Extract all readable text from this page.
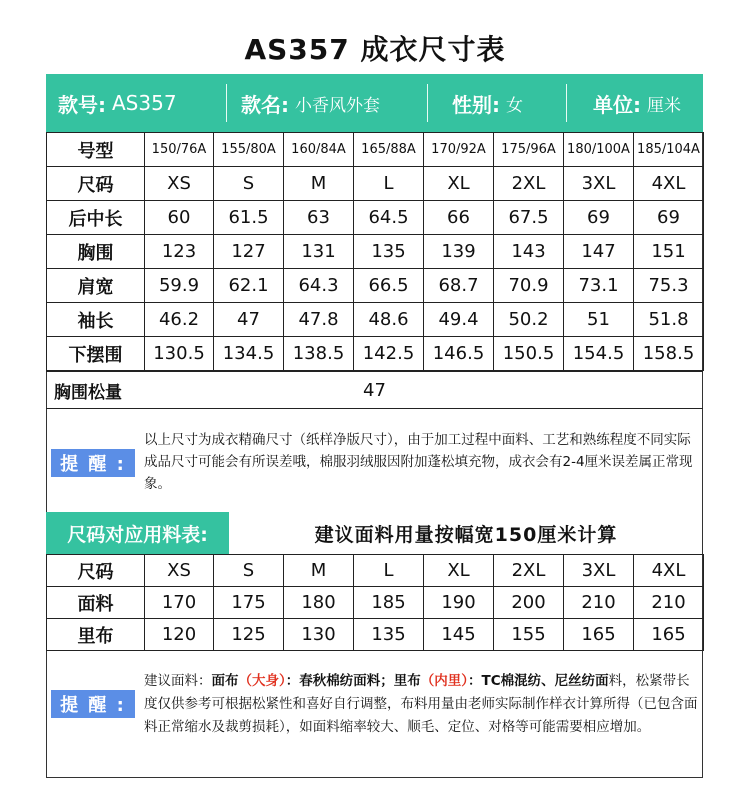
AS357 成衣尺寸表
款号: AS357	款名: 小香风外套	性别: 女	单位: 厘米
号型	150/76A	155/80A	160/84A	165/88A	170/92A	175/96A	180/100A	185/104A
尺码	XS	S	M	L	XL	2XL	3XL	4XL
后中长	60	61.5	63	64.5	66	67.5	69	69
胸围	123	127	131	135	139	143	147	151
肩宽	59.9	62.1	64.3	66.5	68.7	70.9	73.1	75.3
袖长	46.2	47	47.8	48.6	49.4	50.2	51	51.8
下摆围	130.5	134.5	138.5	142.5	146.5	150.5	154.5	158.5
胸围松量	47
提 醒 :
以上尺寸为成衣精确尺寸（纸样净版尺寸），由于加工过程中面料、工艺和熟练程度不同实际成品尺寸可能会有所误差哦，棉服羽绒服因附加蓬松填充物，成衣会有2-4厘米误差属正常现象。
尺码对应用料表:	建议面料用量按幅宽150厘米计算
尺码	XS	S	M	L	XL	2XL	3XL	4XL
面料	170	175	180	185	190	200	210	210
里布	120	125	130	135	145	155	165	165
提 醒 :
建议面料：面布（大身）：春秋棉纺面料；里布（内里）：TC棉混纺、尼丝纺面料，松紧带长度仅供参考可根据松紧性和喜好自行调整，布料用量由老师实际制作样衣计算所得（已包含面料正常缩水及裁剪损耗），如面料缩率较大、顺毛、定位、对格等可能需要相应增加。
